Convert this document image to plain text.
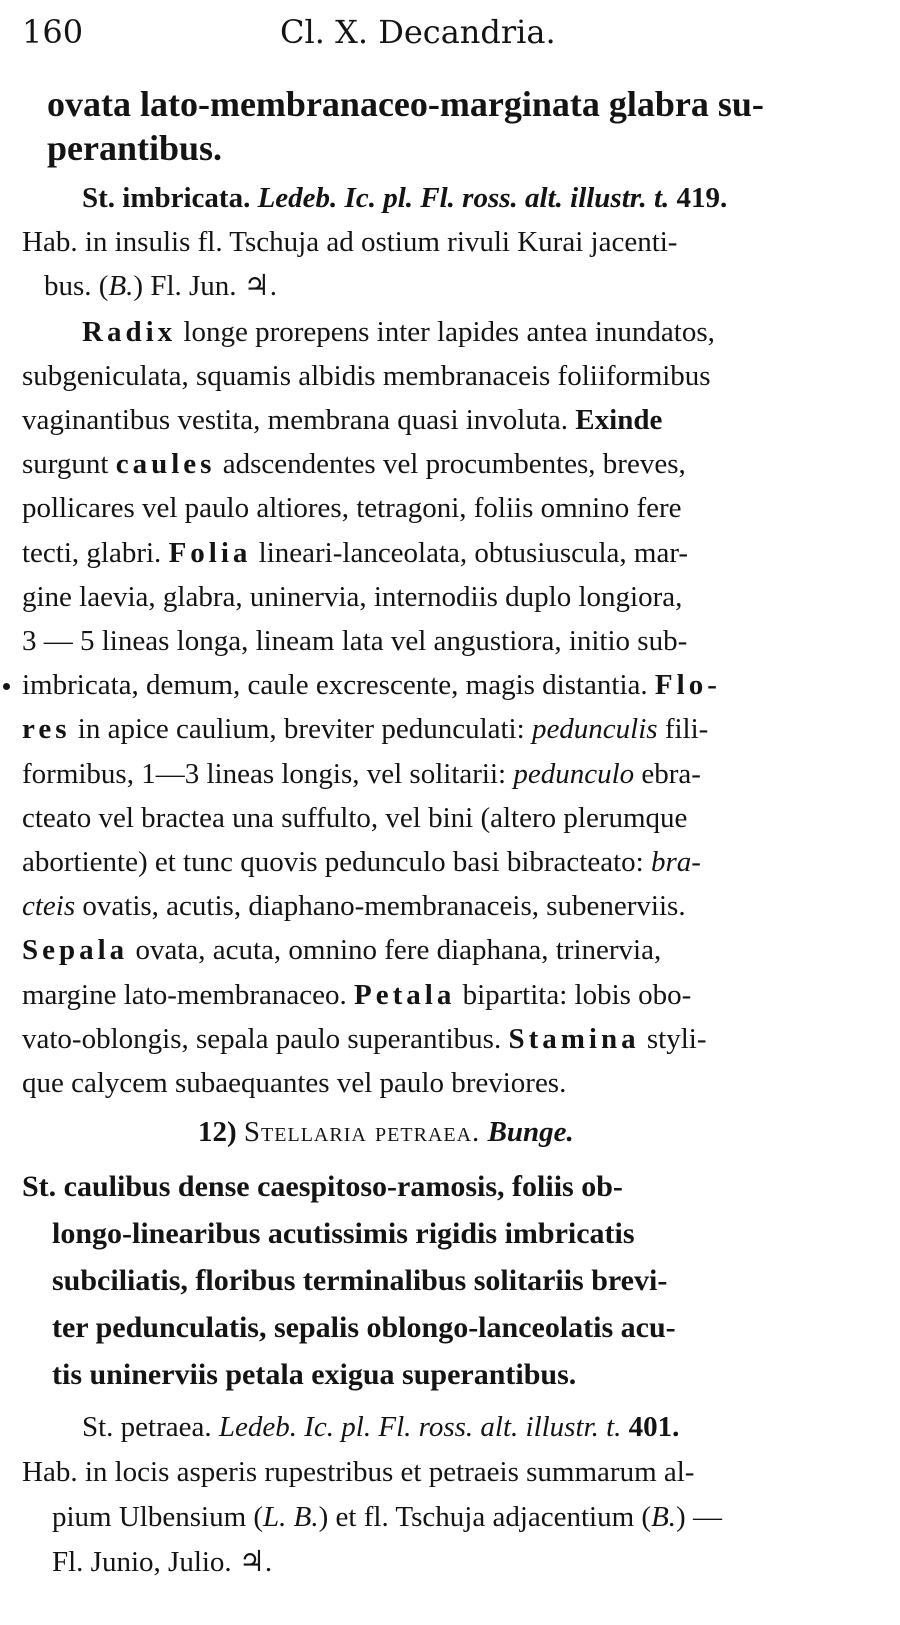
160	Cl. X. Decandria.
ovata lato-membranaceo-marginata glabra su-
perantibus.
St. imbricata. Ledeb. Ic. pl. Fl. ross. alt. illustr. t. 419.
Hab. in insulis fl. Tschuja ad ostium rivuli Kurai jacenti-
bus. (B.) Fl. Jun. ♃.
Radix longe prorepens inter lapides antea inundatos,
subgeniculata, squamis albidis membranaceis foliiformibus
vaginantibus vestita, membrana quasi involuta. Exinde
surgunt caules adscendentes vel procumbentes, breves,
pollicares vel paulo altiores, tetragoni, foliis omnino fere
tecti, glabri. Folia lineari-lanceolata, obtusiuscula, mar-
gine laevia, glabra, uninervia, internodiis duplo longiora,
3 — 5 lineas longa, lineam lata vel angustiora, initio sub-
imbricata, demum, caule excrescente, magis distantia. Flo-
res in apice caulium, breviter pedunculati: pedunculis fili-
formibus, 1—3 lineas longis, vel solitarii: pedunculo ebra-
cteato vel bractea una suffulto, vel bini (altero plerumque
abortiente) et tunc quovis pedunculo basi bibracteato: bra-
cteis ovatis, acutis, diaphano-membranaceis, subenerviis.
Sepala ovata, acuta, omnino fere diaphana, trinervia,
margine lato-membranaceo. Petala bipartita: lobis obo-
vato-oblongis, sepala paulo superantibus. Stamina styli-
que calycem subaequantes vel paulo breviores.
12) Stellaria petraea. Bunge.
St. caulibus dense caespitoso-ramosis, foliis ob-
longo-linearibus acutissimis rigidis imbricatis
subciliatis, floribus terminalibus solitariis brevi-
ter pedunculatis, sepalis oblongo-lanceolatis acu-
tis uninerviis petala exigua superantibus.
St. petraea. Ledeb. Ic. pl. Fl. ross. alt. illustr. t. 401.
Hab. in locis asperis rupestribus et petraeis summarum al-
pium Ulbensium (L. B.) et fl. Tschuja adjacentium (B.) —
Fl. Junio, Julio. ♃.
